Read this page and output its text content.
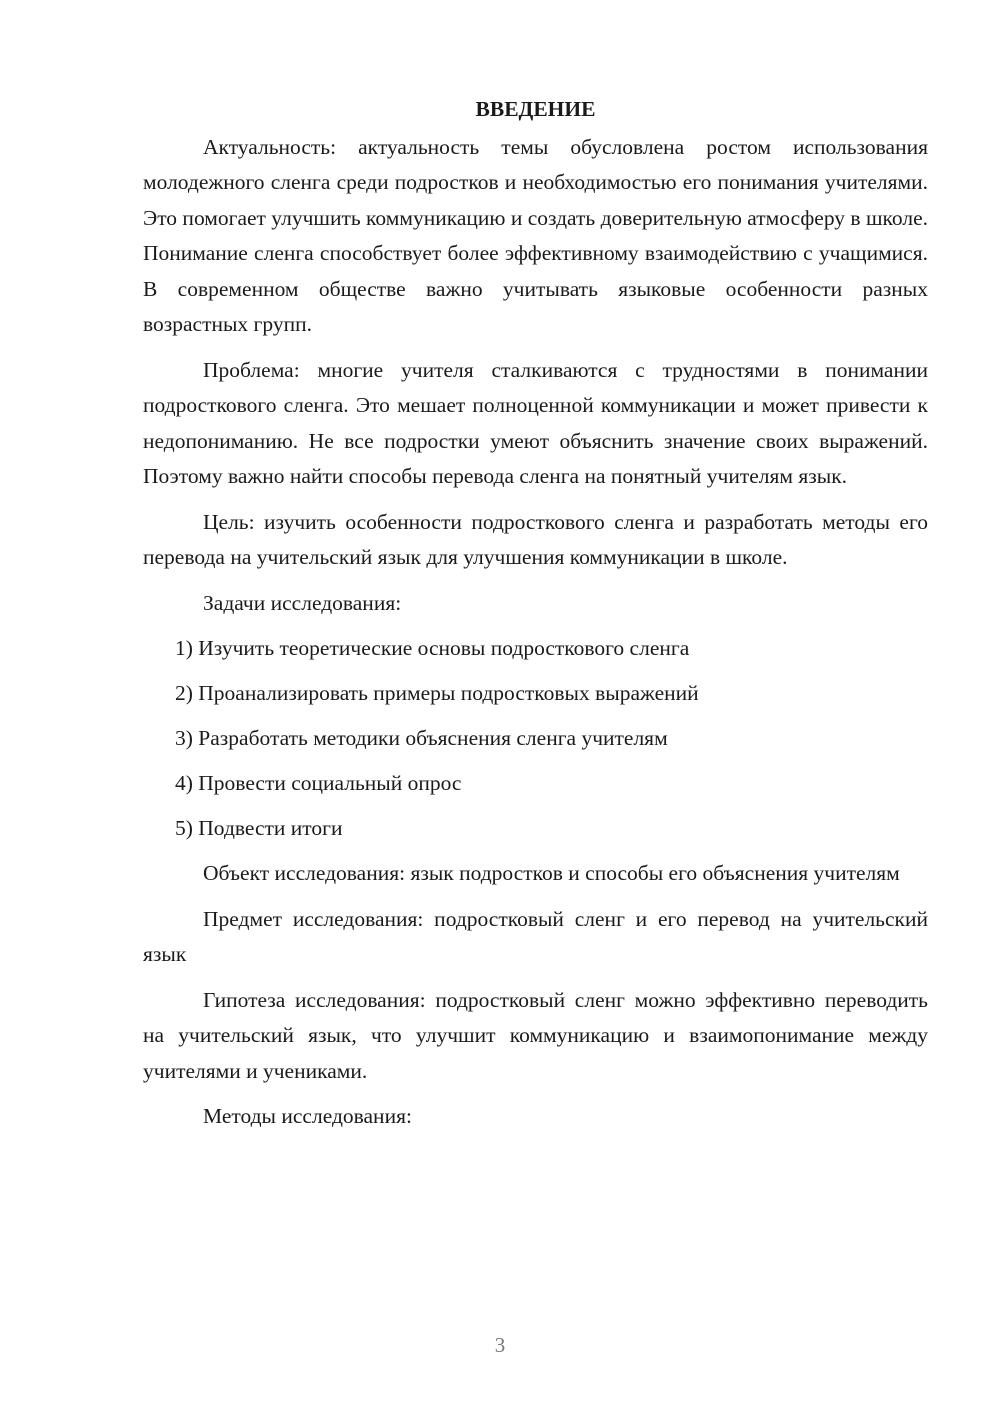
ВВЕДЕНИЕ

Актуальность: актуальность темы обусловлена ростом использования молодежного сленга среди подростков и необходимостью его понимания учителями. Это помогает улучшить коммуникацию и создать доверительную атмосферу в школе. Понимание сленга способствует более эффективному взаимодействию с учащимися. В современном обществе важно учитывать языковые особенности разных возрастных групп.

Проблема: многие учителя сталкиваются с трудностями в понимании подросткового сленга. Это мешает полноценной коммуникации и может привести к недопониманию. Не все подростки умеют объяснить значение своих выражений. Поэтому важно найти способы перевода сленга на понятный учителям язык.

Цель: изучить особенности подросткового сленга и разработать методы его перевода на учительский язык для улучшения коммуникации в школе.

Задачи исследования:

1) Изучить теоретические основы подросткового сленга
2) Проанализировать примеры подростковых выражений
3) Разработать методики объяснения сленга учителям
4) Провести социальный опрос
5) Подвести итоги

Объект исследования: язык подростков и способы его объяснения учителям

Предмет исследования: подростковый сленг и его перевод на учительский язык

Гипотеза исследования: подростковый сленг можно эффективно переводить на учительский язык, что улучшит коммуникацию и взаимопонимание между учителями и учениками.

Методы исследования:

3
